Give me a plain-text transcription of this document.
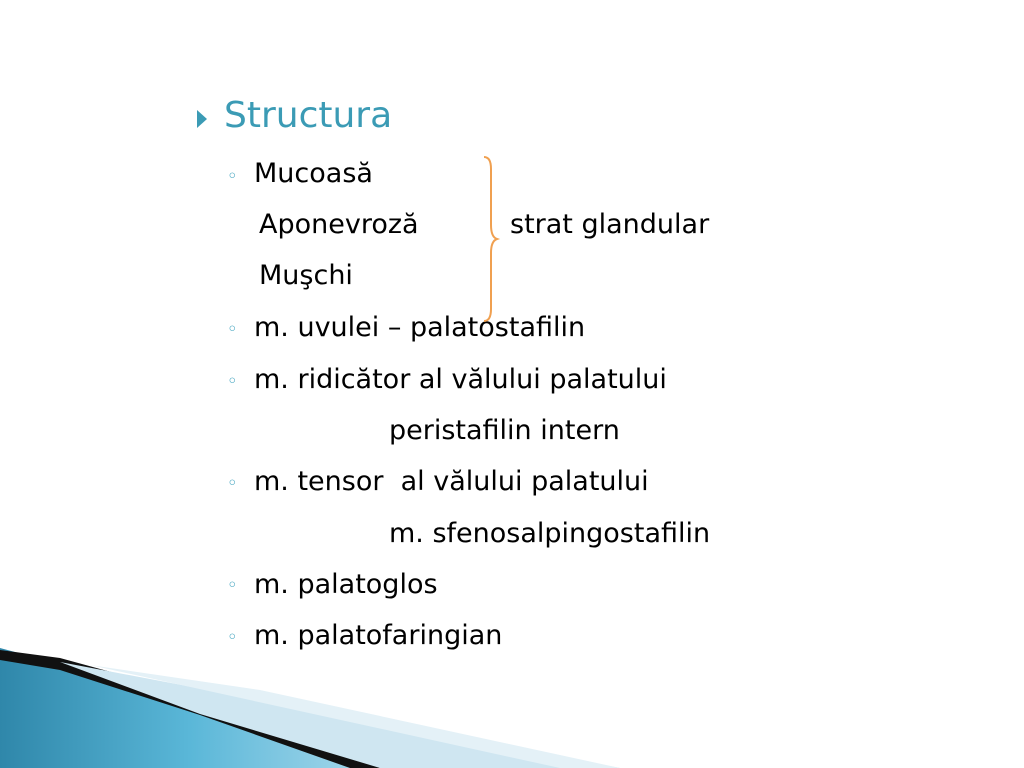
Structura
◦
◦
◦
◦
◦
◦
Mucoasă
Aponevroză	strat glandular
Muşchi
m. uvulei – palatostafilin
m. ridicător al vălului palatului
peristafilin intern
m. tensor  al vălului palatului
m. sfenosalpingostafilin
m. palatoglos
m. palatofaringian
